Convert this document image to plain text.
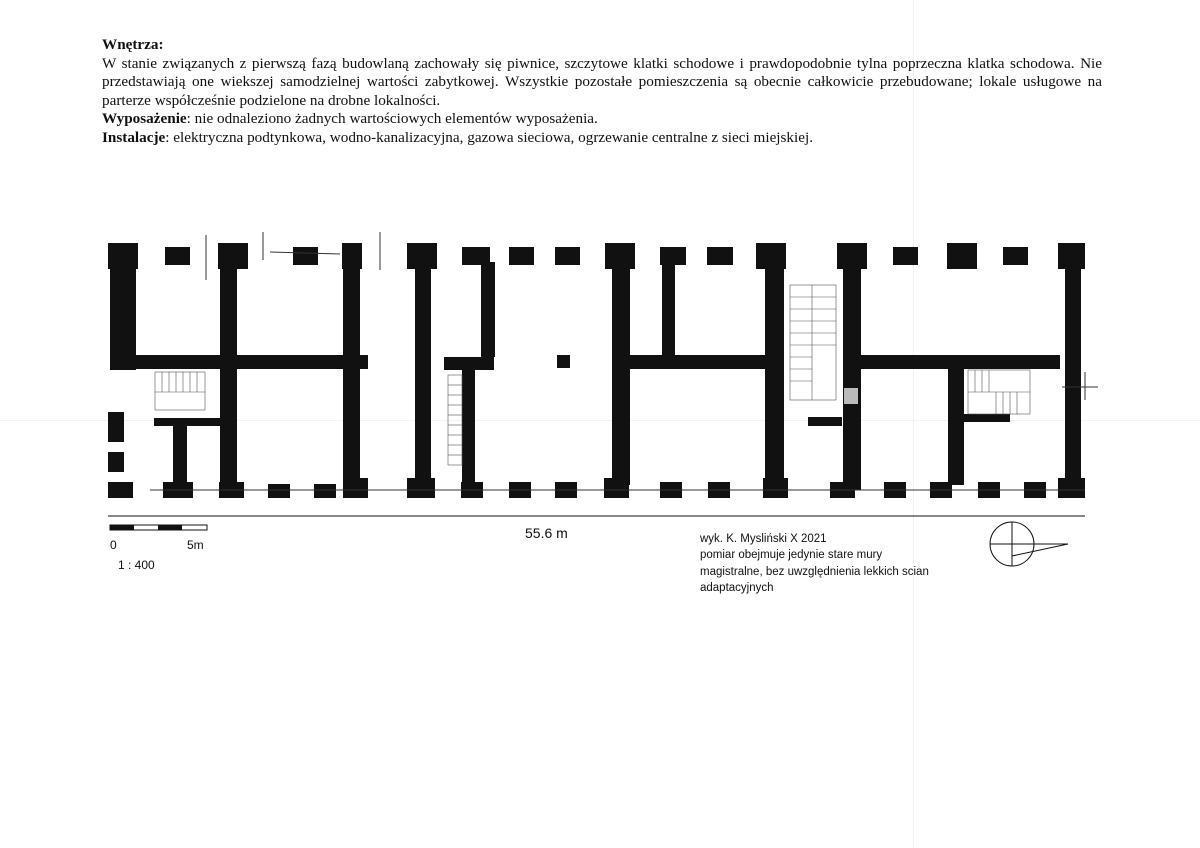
Wnętrza:

W stanie związanych z pierwszą fazą budowlaną zachowały się piwnice, szczytowe klatki schodowe i prawdopodobnie tylna poprzeczna klatka schodowa. Nie przedstawiają one wiekszej samodzielnej wartości zabytkowej. Wszystkie pozostałe pomieszczenia są obecnie całkowicie przebudowane; lokale usługowe na parterze współcześnie podzielone na drobne lokalności.

Wyposażenie: nie odnaleziono żadnych wartościowych elementów wyposażenia.

Instalacje: elektryczna podtynkowa, wodno-kanalizacyjna, gazowa sieciowa, ogrzewanie centralne z sieci miejskiej.

0	5m
1 : 400
55.6 m	wyk. K. Mysliński X 2021
pomiar obejmuje jedynie stare mury
magistralne, bez uwzględnienia lekkich scian
adaptacyjnych
